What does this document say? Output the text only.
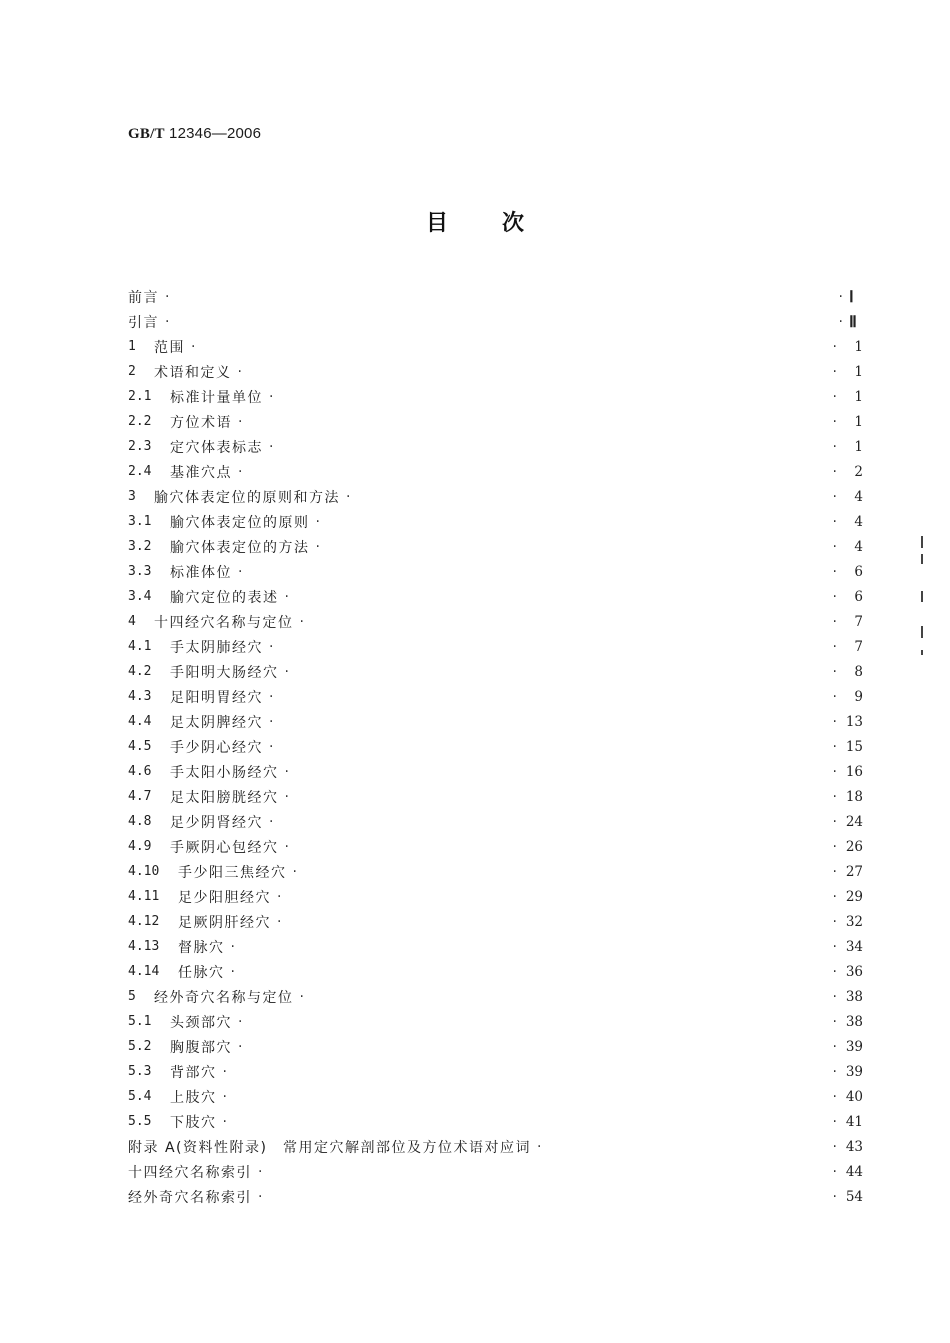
GB/T 12346—2006
目次
前言 ·	· Ⅰ
引言 ·	· Ⅱ
1	范围 ·	·	1
2	术语和定义 ·	·	1
2.1	标准计量单位 ·	·	1
2.2	方位术语 ·	·	1
2.3	定穴体表标志 ·	·	1
2.4	基准穴点 ·	·	2
3	腧穴体表定位的原则和方法 ·	·	4
3.1	腧穴体表定位的原则 ·	·	4
3.2	腧穴体表定位的方法 ·	·	4
3.3	标准体位 ·	·	6
3.4	腧穴定位的表述 ·	·	6
4	十四经穴名称与定位 ·	·	7
4.1	手太阴肺经穴 ·	·	7
4.2	手阳明大肠经穴 ·	·	8
4.3	足阳明胃经穴 ·	·	9
4.4	足太阴脾经穴 ·	· 13
4.5	手少阴心经穴 ·	· 15
4.6	手太阳小肠经穴 ·	· 16
4.7	足太阳膀胱经穴 ·	· 18
4.8	足少阴肾经穴 ·	· 24
4.9	手厥阴心包经穴 ·	· 26
4.10	手少阳三焦经穴 ·	· 27
4.11	足少阳胆经穴 ·	· 29
4.12	足厥阴肝经穴 ·	· 32
4.13	督脉穴 ·	· 34
4.14	任脉穴 ·	· 36
5	经外奇穴名称与定位 ·	· 38
5.1	头颈部穴 ·	· 38
5.2	胸腹部穴 ·	· 39
5.3	背部穴 ·	· 39
5.4	上肢穴 ·	· 40
5.5	下肢穴 ·	· 41
附录 A(资料性附录)　常用定穴解剖部位及方位术语对应词 ·	· 43
十四经穴名称索引 ·	· 44
经外奇穴名称索引 ·	· 54
